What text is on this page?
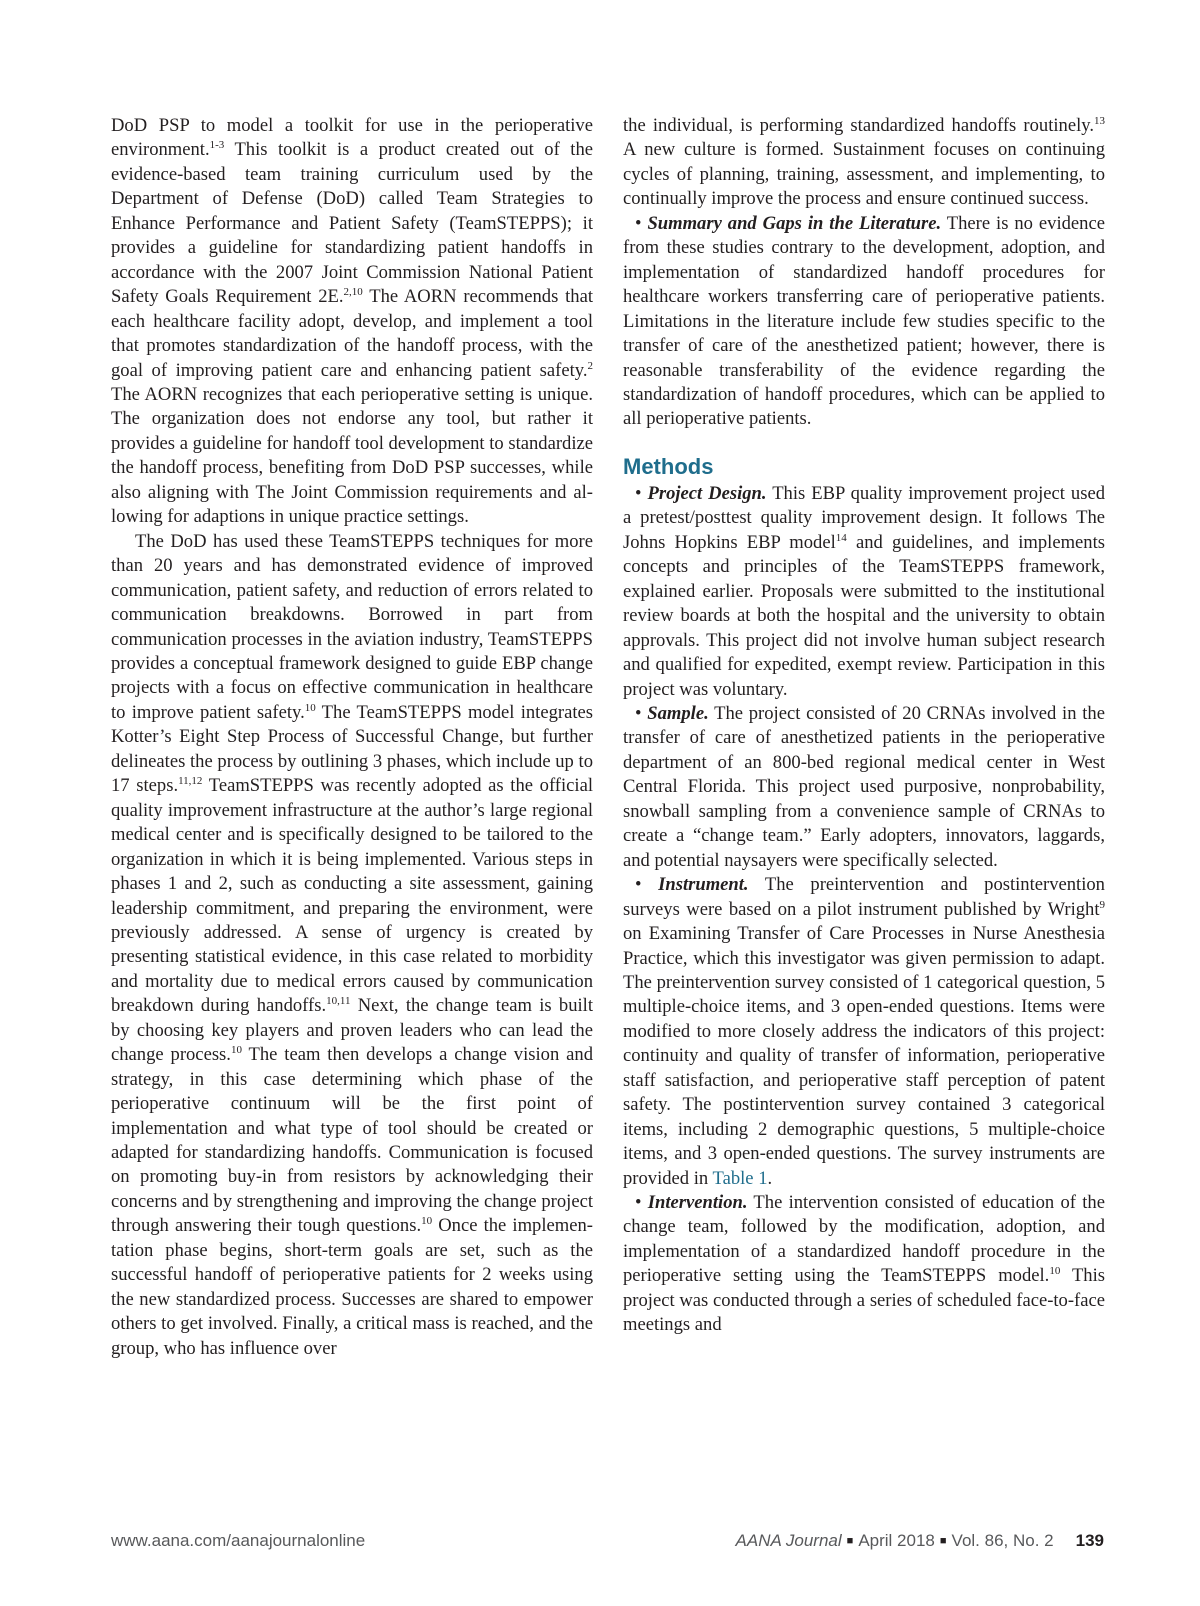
DoD PSP to model a toolkit for use in the perioperative environment.$^{1-3}$ This toolkit is a product created out of the evidence-based team training curriculum used by the Department of Defense (DoD) called Team Strategies to Enhance Performance and Patient Safety (TeamSTEPPS); it provides a guideline for standardizing patient handoffs in accordance with the 2007 Joint Commission National Patient Safety Goals Requirement 2E.$^{2,10}$ The AORN recommends that each healthcare facility adopt, develop, and implement a tool that promotes standardization of the handoff process, with the goal of improving patient care and enhancing patient safety.$^2$ The AORN recognizes that each perioperative setting is unique. The organization does not endorse any tool, but rather it provides a guideline for handoff tool development to standardize the handoff process, benefiting from DoD PSP successes, while also aligning with The Joint Commission requirements and allowing for adaptions in unique practice settings.

The DoD has used these TeamSTEPPS techniques for more than 20 years and has demonstrated evidence of improved communication, patient safety, and reduction of errors related to communication breakdowns. Borrowed in part from communication processes in the aviation industry, TeamSTEPPS provides a conceptual framework designed to guide EBP change projects with a focus on effective communication in healthcare to improve patient safety.$^{10}$ The TeamSTEPPS model integrates Kotter’s Eight Step Process of Successful Change, but further delineates the process by outlining 3 phases, which include up to 17 steps.$^{11,12}$ TeamSTEPPS was recently adopted as the official quality improvement infrastructure at the author’s large regional medical center and is specifically designed to be tailored to the organization in which it is being implemented. Various steps in phases 1 and 2, such as conducting a site assessment, gaining leadership commitment, and preparing the environment, were previously addressed. A sense of urgency is created by presenting statistical evidence, in this case related to morbidity and mortality due to medical errors caused by communication breakdown during handoffs.$^{10,11}$ Next, the change team is built by choosing key players and proven leaders who can lead the change process.$^{10}$ The team then develops a change vision and strategy, in this case determining which phase of the perioperative continuum will be the first point of implementation and what type of tool should be created or adapted for standardizing handoffs. Communication is focused on promoting buy-in from resistors by acknowledging their concerns and by strengthening and improving the change project through answering their tough questions.$^{10}$ Once the implementation phase begins, short-term goals are set, such as the successful handoff of perioperative patients for 2 weeks using the new standardized process. Successes are shared to empower others to get involved. Finally, a critical mass is reached, and the group, who has influence over

the individual, is performing standardized handoffs routinely.$^{13}$ A new culture is formed. Sustainment focuses on continuing cycles of planning, training, assessment, and implementing, to continually improve the process and ensure continued success.

• Summary and Gaps in the Literature. There is no evidence from these studies contrary to the development, adoption, and implementation of standardized handoff procedures for healthcare workers transferring care of perioperative patients. Limitations in the literature include few studies specific to the transfer of care of the anesthetized patient; however, there is reasonable transferability of the evidence regarding the standardization of handoff procedures, which can be applied to all perioperative patients.

Methods

• Project Design. This EBP quality improvement project used a pretest/posttest quality improvement design. It follows The Johns Hopkins EBP model$^{14}$ and guidelines, and implements concepts and principles of the TeamSTEPPS framework, explained earlier. Proposals were submitted to the institutional review boards at both the hospital and the university to obtain approvals. This project did not involve human subject research and qualified for expedited, exempt review. Participation in this project was voluntary.

• Sample. The project consisted of 20 CRNAs involved in the transfer of care of anesthetized patients in the perioperative department of an 800-bed regional medical center in West Central Florida. This project used purposive, nonprobability, snowball sampling from a convenience sample of CRNAs to create a “change team.” Early adopters, innovators, laggards, and potential naysayers were specifically selected.

• Instrument. The preintervention and postintervention surveys were based on a pilot instrument published by Wright$^9$ on Examining Transfer of Care Processes in Nurse Anesthesia Practice, which this investigator was given permission to adapt. The preintervention survey consisted of 1 categorical question, 5 multiple-choice items, and 3 open-ended questions. Items were modified to more closely address the indicators of this project: continuity and quality of transfer of information, perioperative staff satisfaction, and perioperative staff perception of patent safety. The postintervention survey contained 3 categorical items, including 2 demographic questions, 5 multiple-choice items, and 3 open-ended questions. The survey instruments are provided in Table 1.

• Intervention. The intervention consisted of education of the change team, followed by the modification, adoption, and implementation of a standardized handoff procedure in the perioperative setting using the TeamSTEPPS model.$^{10}$ This project was conducted through a series of scheduled face-to-face meetings and

www.aana.com/aanajournalonline	AANA Journal ■ April 2018 ■ Vol. 86, No. 2 139
